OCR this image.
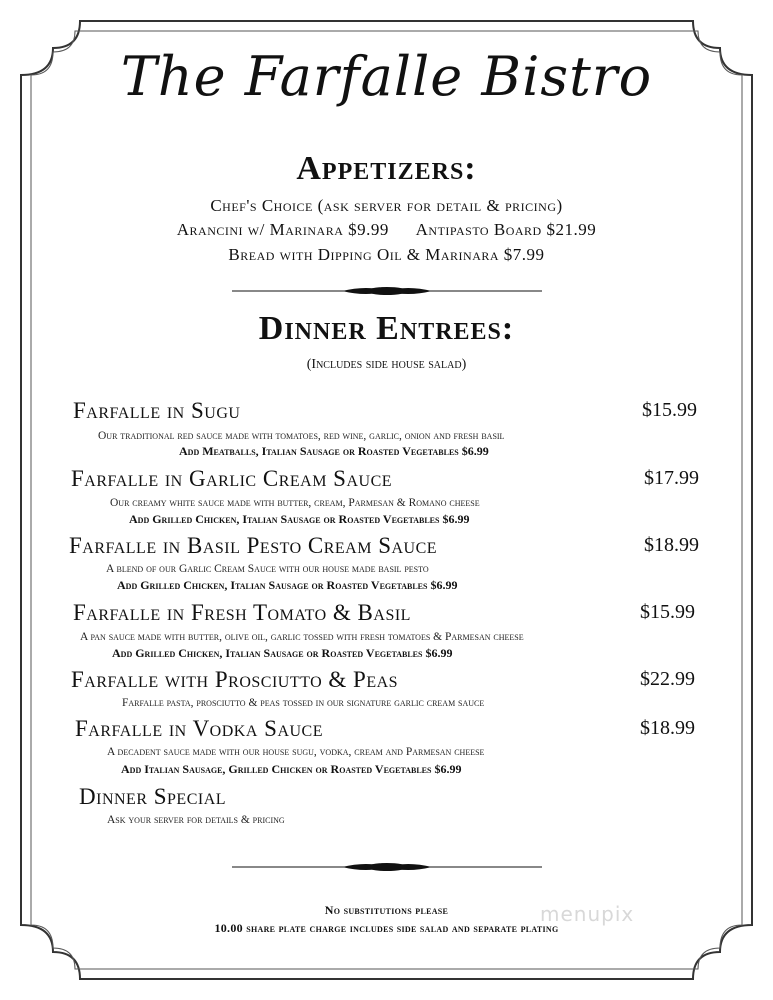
The Farfalle Bistro
Appetizers:
Chef's Choice (ask server for detail & pricing)
Arancini w/ Marinara $9.99 Antipasto Board $21.99
Bread with Dipping Oil & Marinara $7.99
Dinner Entrees:
(Includes side house salad)
Farfalle in Sugu	$15.99
Our traditional red sauce made with tomatoes, red wine, garlic, onion and fresh basil
Add Meatballs, Italian Sausage or Roasted Vegetables $6.99
Farfalle in Garlic Cream Sauce	$17.99
Our creamy white sauce made with butter, cream, Parmesan & Romano cheese
Add Grilled Chicken, Italian Sausage or Roasted Vegetables $6.99
Farfalle in Basil Pesto Cream Sauce	$18.99
A blend of our Garlic Cream Sauce with our house made basil pesto
Add Grilled Chicken, Italian Sausage or Roasted Vegetables $6.99
Farfalle in Fresh Tomato & Basil	$15.99
A pan sauce made with butter, olive oil, garlic tossed with fresh tomatoes & Parmesan cheese
Add Grilled Chicken, Italian Sausage or Roasted Vegetables $6.99
Farfalle with Prosciutto & Peas	$22.99
Farfalle pasta, prosciutto & peas tossed in our signature garlic cream sauce
Farfalle in Vodka Sauce	$18.99
A decadent sauce made with our house sugu, vodka, cream and Parmesan cheese
Add Italian Sausage, Grilled Chicken or Roasted Vegetables $6.99
Dinner Special
Ask your server for details & pricing
No substitutions please
10.00 share plate charge includes side salad and separate plating
menupix
